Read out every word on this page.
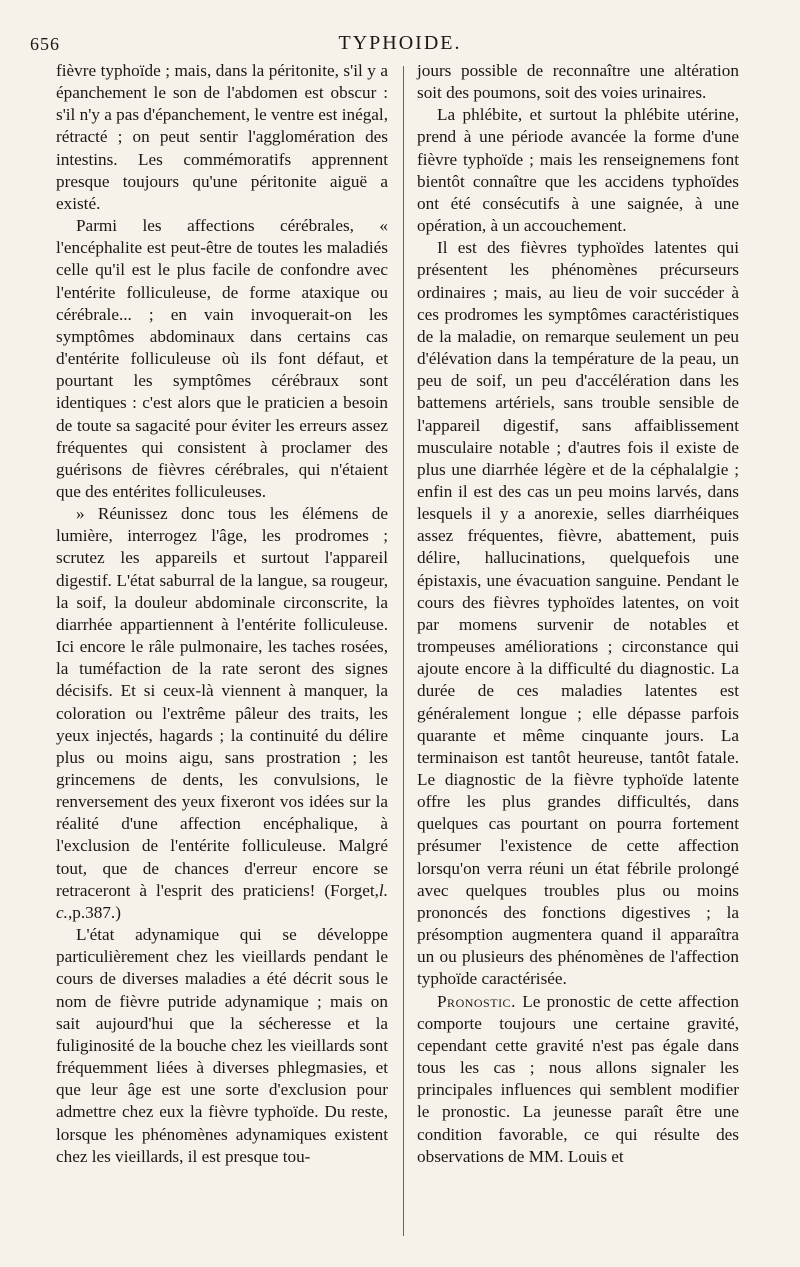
656	TYPHOIDE.

fièvre typhoïde ; mais, dans la péritonite, s'il y a épanchement le son de l'abdomen est obscur : s'il n'y a pas d'épanchement, le ventre est inégal, rétracté ; on peut sentir l'agglomération des intestins. Les commémoratifs apprennent presque toujours qu'une péritonite aiguë a existé.

Parmi les affections cérébrales, « l'encéphalite est peut-être de toutes les maladiés celle qu'il est le plus facile de confondre avec l'entérite folliculeuse, de forme ataxique ou cérébrale... ; en vain invoquerait-on les symptômes abdominaux dans certains cas d'entérite folliculeuse où ils font défaut, et pourtant les symptômes cérébraux sont identiques : c'est alors que le praticien a besoin de toute sa sagacité pour éviter les erreurs assez fréquentes qui consistent à proclamer des guérisons de fièvres cérébrales, qui n'étaient que des entérites folliculeuses.

» Réunissez donc tous les élémens de lumière, interrogez l'âge, les prodromes ; scrutez les appareils et surtout l'appareil digestif. L'état saburral de la langue, sa rougeur, la soif, la douleur abdominale circonscrite, la diarrhée appartiennent à l'entérite folliculeuse. Ici encore le râle pulmonaire, les taches rosées, la tuméfaction de la rate seront des signes décisifs. Et si ceux-là viennent à manquer, la coloration ou l'extrême pâleur des traits, les yeux injectés, hagards ; la continuité du délire plus ou moins aigu, sans prostration ; les grincemens de dents, les convulsions, le renversement des yeux fixeront vos idées sur la réalité d'une affection encéphalique, à l'exclusion de l'entérite folliculeuse. Malgré tout, que de chances d'erreur encore se retraceront à l'esprit des praticiens! (Forget,l. c.,p.387.)

L'état adynamique qui se développe particulièrement chez les vieillards pendant le cours de diverses maladies a été décrit sous le nom de fièvre putride adynamique ; mais on sait aujourd'hui que la sécheresse et la fuliginosité de la bouche chez les vieillards sont fréquemment liées à diverses phlegmasies, et que leur âge est une sorte d'exclusion pour admettre chez eux la fièvre typhoïde. Du reste, lorsque les phénomènes adynamiques existent chez les vieillards, il est presque tou-

jours possible de reconnaître une altération soit des poumons, soit des voies urinaires.

La phlébite, et surtout la phlébite utérine, prend à une période avancée la forme d'une fièvre typhoïde ; mais les renseignemens font bientôt connaître que les accidens typhoïdes ont été consécutifs à une saignée, à une opération, à un accouchement.

Il est des fièvres typhoïdes latentes qui présentent les phénomènes précurseurs ordinaires ; mais, au lieu de voir succéder à ces prodromes les symptômes caractéristiques de la maladie, on remarque seulement un peu d'élévation dans la température de la peau, un peu de soif, un peu d'accélération dans les battemens artériels, sans trouble sensible de l'appareil digestif, sans affaiblissement musculaire notable ; d'autres fois il existe de plus une diarrhée légère et de la céphalalgie ; enfin il est des cas un peu moins larvés, dans lesquels il y a anorexie, selles diarrhéiques assez fréquentes, fièvre, abattement, puis délire, hallucinations, quelquefois une épistaxis, une évacuation sanguine. Pendant le cours des fièvres typhoïdes latentes, on voit par momens survenir de notables et trompeuses améliorations ; circonstance qui ajoute encore à la difficulté du diagnostic. La durée de ces maladies latentes est généralement longue ; elle dépasse parfois quarante et même cinquante jours. La terminaison est tantôt heureuse, tantôt fatale. Le diagnostic de la fièvre typhoïde latente offre les plus grandes difficultés, dans quelques cas pourtant on pourra fortement présumer l'existence de cette affection lorsqu'on verra réuni un état fébrile prolongé avec quelques troubles plus ou moins prononcés des fonctions digestives ; la présomption augmentera quand il apparaîtra un ou plusieurs des phénomènes de l'affection typhoïde caractérisée.

Pronostic. Le pronostic de cette affection comporte toujours une certaine gravité, cependant cette gravité n'est pas égale dans tous les cas ; nous allons signaler les principales influences qui semblent modifier le pronostic. La jeunesse paraît être une condition favorable, ce qui résulte des observations de MM. Louis et
